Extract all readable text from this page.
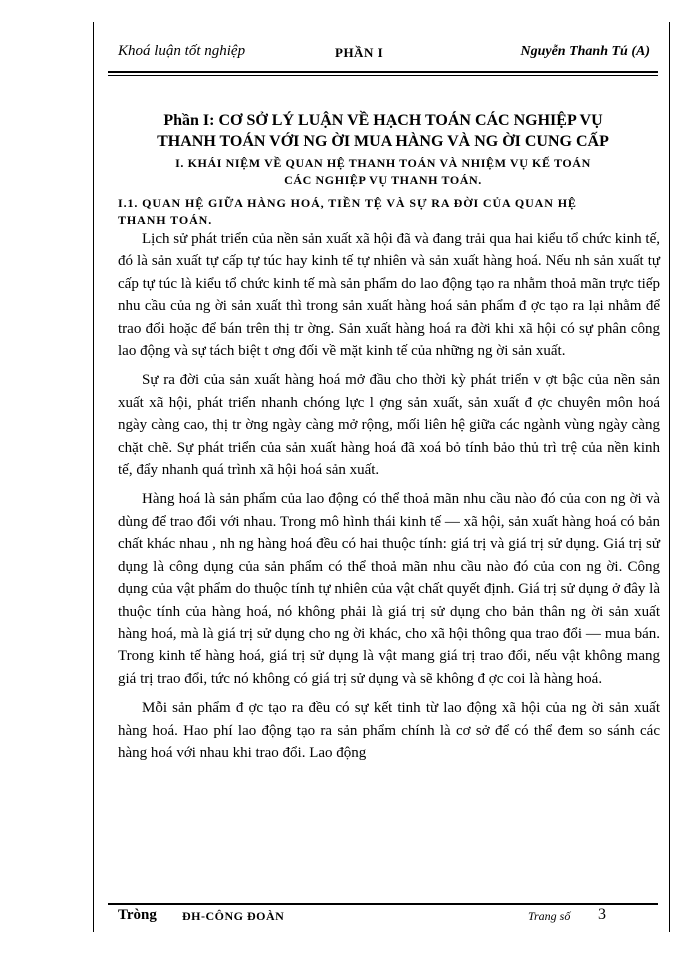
Khoá luận tốt nghiệp	PHẦN I	Nguyễn Thanh Tú (A)
Phần I: CƠ SỞ LÝ LUẬN VỀ HẠCH TOÁN CÁC NGHIỆP VỤ
THANH TOÁN VỚI NG ỜI MUA HÀNG VÀ NG ỜI CUNG CẤP
I. KHÁI NIỆM VỀ QUAN HỆ THANH TOÁN VÀ NHIỆM VỤ KẾ TOÁN
CÁC NGHIỆP VỤ THANH TOÁN.
I.1. QUAN HỆ GIỮA HÀNG HOÁ, TIỀN TỆ VÀ SỰ RA ĐỜI CỦA QUAN HỆ
THANH TOÁN.

Lịch sử phát triển của nền sản xuất xã hội đã và đang trải qua hai kiểu tổ chức kinh tế, đó là sản xuất tự cấp tự túc hay kinh tế tự nhiên và sản xuất hàng hoá. Nếu nh sản xuất tự cấp tự túc là kiểu tổ chức kinh tế mà sản phẩm do lao động tạo ra nhằm thoả mãn trực tiếp nhu cầu của ng ời sản xuất thì trong sản xuất hàng hoá sản phẩm đ ợc tạo ra lại nhằm để trao đổi hoặc để bán trên thị tr ờng. Sản xuất hàng hoá ra đời khi xã hội có sự phân công lao động và sự tách biệt t ơng đối về mặt kinh tế của những ng ời sản xuất.

Sự ra đời của sản xuất hàng hoá mở đầu cho thời kỳ phát triển v ợt bậc của nền sản xuất xã hội, phát triển nhanh chóng lực l ợng sản xuất, sản xuất đ ợc chuyên môn hoá ngày càng cao, thị tr ờng ngày càng mở rộng, mối liên hệ giữa các ngành vùng ngày càng chặt chẽ. Sự phát triển của sản xuất hàng hoá đã xoá bỏ tính bảo thủ trì trệ của nền kinh tế, đẩy nhanh quá trình xã hội hoá sản xuất.

Hàng hoá là sản phẩm của lao động có thể thoả mãn nhu cầu nào đó của con ng ời và dùng để trao đổi với nhau. Trong mô hình thái kinh tế — xã hội, sản xuất hàng hoá có bản chất khác nhau , nh ng hàng hoá đều có hai thuộc tính: giá trị và giá trị sử dụng. Giá trị sử dụng là công dụng của sản phẩm có thể thoả mãn nhu cầu nào đó của con ng ời. Công dụng của vật phẩm do thuộc tính tự nhiên của vật chất quyết định. Giá trị sử dụng ở đây là thuộc tính của hàng hoá, nó không phải là giá trị sử dụng cho bản thân ng ời sản xuất hàng hoá, mà là giá trị sử dụng cho ng ời khác, cho xã hội thông qua trao đổi — mua bán. Trong kinh tế hàng hoá, giá trị sử dụng là vật mang giá trị trao đổi, nếu vật không mang giá trị trao đổi, tức nó không có giá trị sử dụng và sẽ không đ ợc coi là hàng hoá.

Mỗi sản phẩm đ ợc tạo ra đều có sự kết tinh từ lao động xã hội của ng ời sản xuất hàng hoá. Hao phí lao động tạo ra sản phẩm chính là cơ sở để có thể đem so sánh các hàng hoá với nhau khi trao đổi. Lao động

Tròng ĐH-CÔNG ĐOÀN	Trang số 3
